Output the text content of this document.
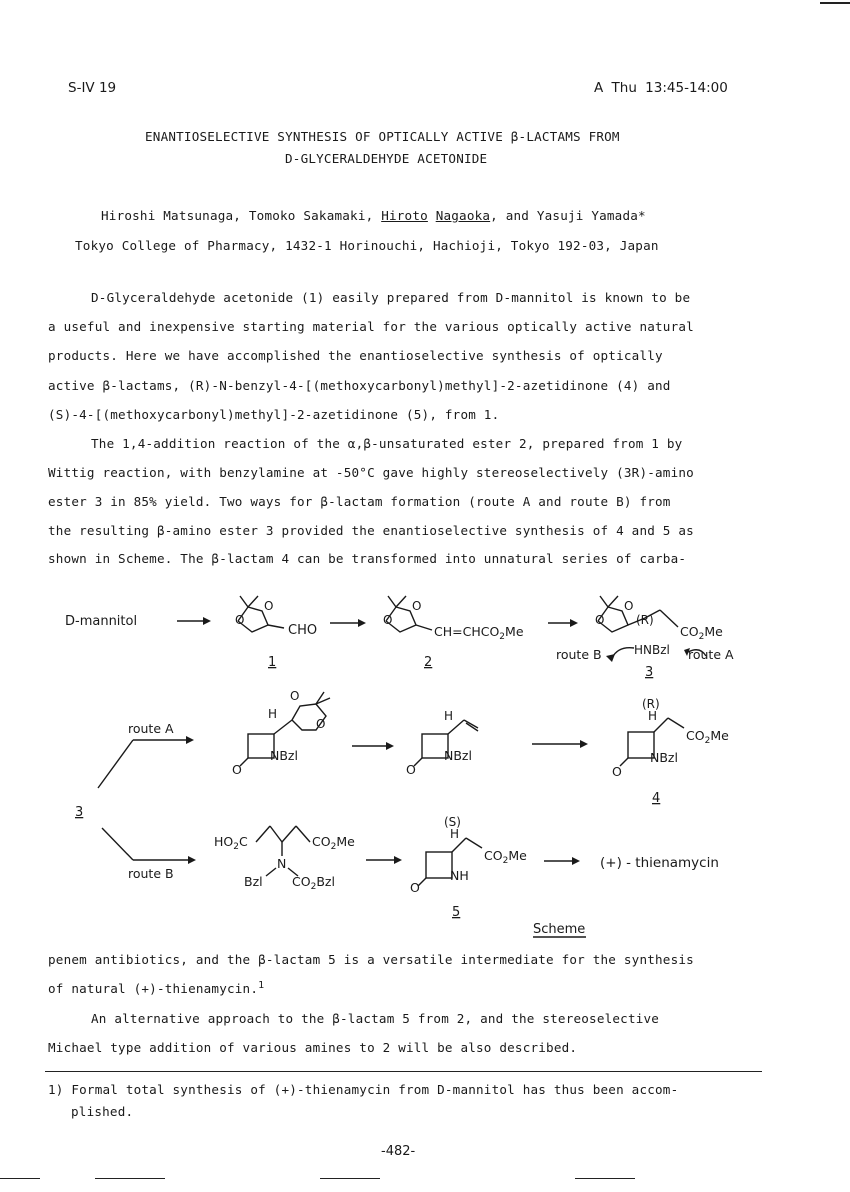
S-IV 19	A Thu 13:45-14:00
ENANTIOSELECTIVE SYNTHESIS OF OPTICALLY ACTIVE β-LACTAMS FROM
D-GLYCERALDEHYDE ACETONIDE
Hiroshi Matsunaga, Tomoko Sakamaki, Hiroto Nagaoka, and Yasuji Yamada*
Tokyo College of Pharmacy, 1432-1 Horinouchi, Hachioji, Tokyo 192-03, Japan
D-Glyceraldehyde acetonide (1) easily prepared from D-mannitol is known to be
a useful and inexpensive starting material for the various optically active natural
products. Here we have accomplished the enantioselective synthesis of optically
active β-lactams, (R)-N-benzyl-4-[(methoxycarbonyl)methyl]-2-azetidinone (4) and
(S)-4-[(methoxycarbonyl)methyl]-2-azetidinone (5), from 1.
The 1,4-addition reaction of the α,β-unsaturated ester 2, prepared from 1 by
Wittig reaction, with benzylamine at -50°C gave highly stereoselectively (3R)-amino
ester 3 in 85% yield. Two ways for β-lactam formation (route A and route B) from
the resulting β-amino ester 3 provided the enantioselective synthesis of 4 and 5 as
shown in Scheme. The β-lactam 4 can be transformed into unnatural series of carba-
D-mannitol
CHO
O
O
1
O
O
$CH=CHCO_2Me$
2
O
O
(R)
$CO_2Me$
HNBzl
route B	route A
3
route A
route B
3
H
NBzl
O
O
O
H
NBzl
O
(R)
H
$CO_2Me$
NBzl
O
4
$HO_2C$	$CO_2Me$
N
Bzl $CO_2Bzl$
(S)
H
$CO_2Me$
NH
O
5
(+) - thienamycin
Scheme
penem antibiotics, and the β-lactam 5 is a versatile intermediate for the synthesis
of natural (+)-thienamycin.$^1$
An alternative approach to the β-lactam 5 from 2, and the stereoselective
Michael type addition of various amines to 2 will be also described.
1) Formal total synthesis of (+)-thienamycin from D-mannitol has thus been accom-
plished.
-482-
